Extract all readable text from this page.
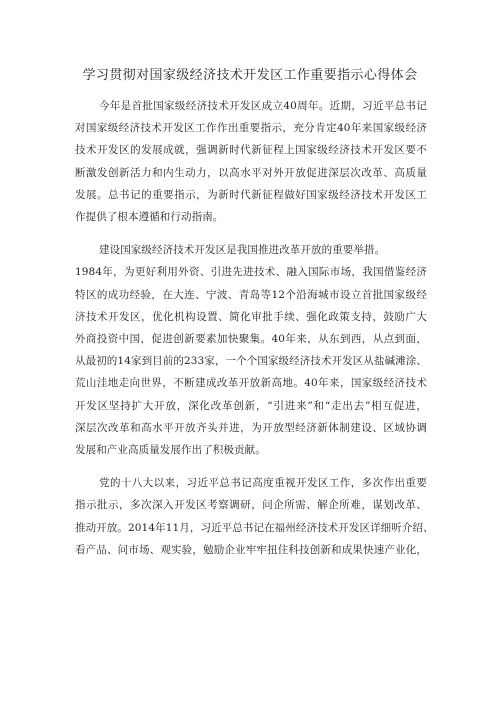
学习贯彻对国家级经济技术开发区工作重要指示心得体会
今年是首批国家级经济技术开发区成立40周年。近期，习近平总书记
对国家级经济技术开发区工作作出重要指示，充分肯定40年来国家级经济
技术开发区的发展成就，强调新时代新征程上国家级经济技术开发区要不
断激发创新活力和内生动力，以高水平对外开放促进深层次改革、高质量
发展。总书记的重要指示，为新时代新征程做好国家级经济技术开发区工
作提供了根本遵循和行动指南。
建设国家级经济技术开发区是我国推进改革开放的重要举措。
1984年，为更好利用外资、引进先进技术、融入国际市场，我国借鉴经济
特区的成功经验，在大连、宁波、青岛等12个沿海城市设立首批国家级经
济技术开发区，优化机构设置、简化审批手续、强化政策支持，鼓励广大
外商投资中国，促进创新要素加快聚集。40年来，从东到西，从点到面，
从最初的14家到目前的233家，一个个国家级经济技术开发区从盐碱滩涂、
荒山洼地走向世界，不断建成改革开放新高地。40年来，国家级经济技术
开发区坚持扩大开放，深化改革创新，“引进来”和“走出去”相互促进，
深层次改革和高水平开放齐头并进，为开放型经济新体制建设、区域协调
发展和产业高质量发展作出了积极贡献。
党的十八大以来，习近平总书记高度重视开发区工作，多次作出重要
指示批示，多次深入开发区考察调研，问企所需、解企所难，谋划改革、
推动开放。2014年11月，习近平总书记在福州经济技术开发区详细听介绍、
看产品、问市场、观实验，勉励企业牢牢扭住科技创新和成果快速产业化，
